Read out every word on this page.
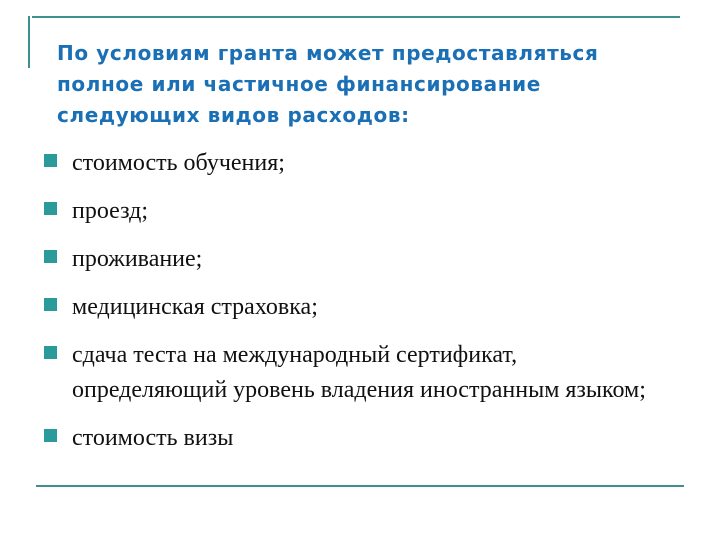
По условиям гранта может предоставляться полное или частичное финансирование следующих видов расходов:
стоимость обучения;
проезд;
проживание;
медицинская страховка;
сдача теста на международный сертификат, определяющий уровень владения иностранным языком;
стоимость визы
